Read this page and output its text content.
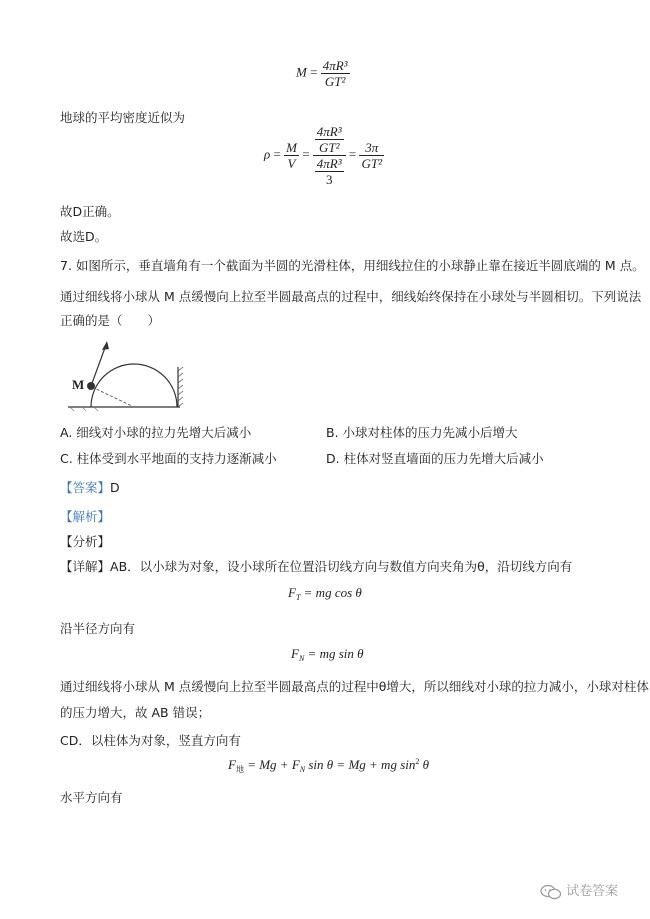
$M = \frac{\text{4πR³}}{\text{GT²}}$
地球的平均密度近似为
$\rho = \frac{M}{V} = \frac{\frac{\text{4πR³}}{\text{GT²}}}{\frac{\text{4πR³}}{3}} = \frac{3\pi}{\text{GT²}}$
故D正确。
故选D。
7. 如图所示，垂直墙角有一个截面为半圆的光滑柱体，用细线拉住的小球静止靠在接近半圆底端的 M 点。
通过细线将小球从 M 点缓慢向上拉至半圆最高点的过程中，细线始终保持在小球处与半圆相切。下列说法
正确的是（　　）
M
A. 细线对小球的拉力先增大后减小	B. 小球对柱体的压力先减小后增大
C. 柱体受到水平地面的支持力逐渐减小	D. 柱体对竖直墙面的压力先增大后减小
【答案】D
【解析】
【分析】
【详解】AB．以小球为对象，设小球所在位置沿切线方向与数值方向夹角为θ，沿切线方向有
$F_T$ = mg cos θ
沿半径方向有
$F_N$ = mg sin θ
通过细线将小球从 M 点缓慢向上拉至半圆最高点的过程中θ增大，所以细线对小球的拉力减小，小球对柱体
的压力增大，故 AB 错误；
CD．以柱体为对象，竖直方向有
$F_地 = Mg + F_N$ sin θ = Mg + mg $\sin^2 \theta$
水平方向有
试卷答案
